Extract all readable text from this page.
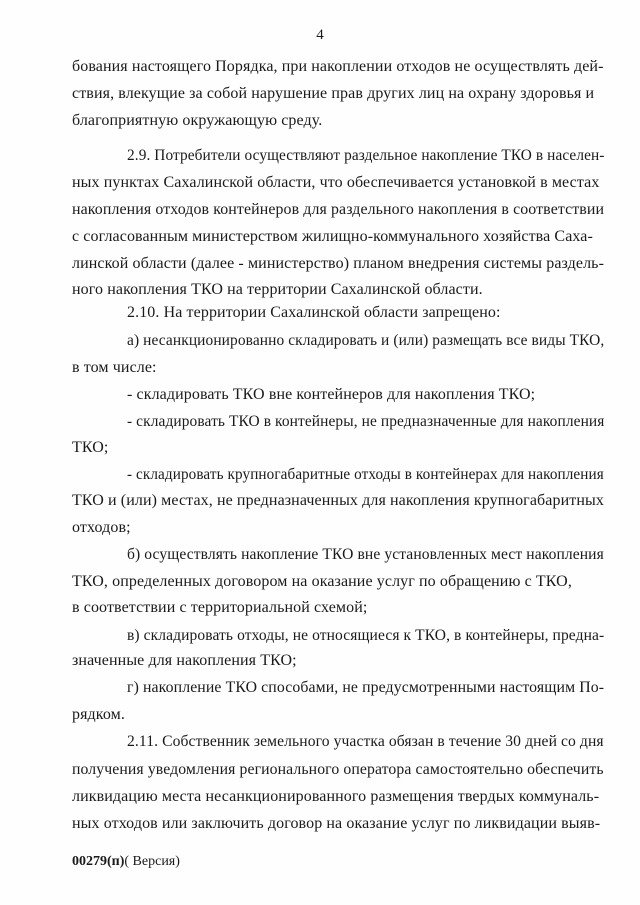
4
бования настоящего Порядка, при накоплении отходов не осуществлять дей-
ствия, влекущие за собой нарушение прав других лиц на охрану здоровья и
благоприятную окружающую среду.
2.9. Потребители осуществляют раздельное накопление ТКО в населен-
ных пунктах Сахалинской области, что обеспечивается установкой в местах
накопления отходов контейнеров для раздельного накопления в соответствии
с согласованным министерством жилищно-коммунального хозяйства Саха-
линской области (далее - министерство) планом внедрения системы раздель-
ного накопления ТКО на территории Сахалинской области.
2.10. На территории Сахалинской области запрещено:
а) несанкционированно складировать и (или) размещать все виды ТКО,
в том числе:
- складировать ТКО вне контейнеров для накопления ТКО;
- складировать ТКО в контейнеры, не предназначенные для накопления
ТКО;
- складировать крупногабаритные отходы в контейнерах для накопления
ТКО и (или) местах, не предназначенных для накопления крупногабаритных
отходов;
б) осуществлять накопление ТКО вне установленных мест накопления
ТКО, определенных договором на оказание услуг по обращению с ТКО,
в соответствии с территориальной схемой;
в) складировать отходы, не относящиеся к ТКО, в контейнеры, предна-
значенные для накопления ТКО;
г) накопление ТКО способами, не предусмотренными настоящим По-
рядком.
2.11. Собственник земельного участка обязан в течение 30 дней со дня
получения уведомления регионального оператора самостоятельно обеспечить
ликвидацию места несанкционированного размещения твердых коммуналь-
ных отходов или заключить договор на оказание услуг по ликвидации выяв-
00279(п)( Версия)
